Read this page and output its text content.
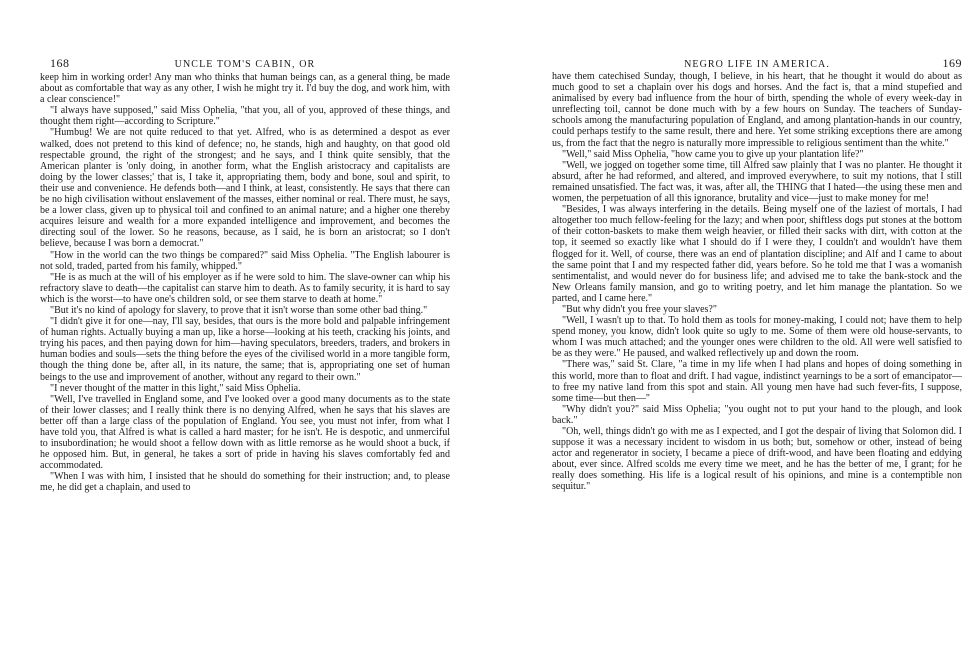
168	UNCLE TOM'S CABIN, OR

keep him in working order! Any man who thinks that human beings can, as a general thing, be made about as comfortable that way as any other, I wish he might try it. I'd buy the dog, and work him, with a clear conscience!"

"I always have supposed," said Miss Ophelia, "that you, all of you, approved of these things, and thought them right—according to Scripture."

"Humbug! We are not quite reduced to that yet. Alfred, who is as determined a despot as ever walked, does not pretend to this kind of defence; no, he stands, high and haughty, on that good old respectable ground, the right of the strongest; and he says, and I think quite sensibly, that the American planter is 'only doing, in another form, what the English aristocracy and capitalists are doing by the lower classes;' that is, I take it, appropriating them, body and bone, soul and spirit, to their use and convenience. He defends both—and I think, at least, consistently. He says that there can be no high civilisation without enslavement of the masses, either nominal or real. There must, he says, be a lower class, given up to physical toil and confined to an animal nature; and a higher one thereby acquires leisure and wealth for a more expanded intelligence and improvement, and becomes the directing soul of the lower. So he reasons, because, as I said, he is born an aristocrat; so I don't believe, because I was born a democrat."

"How in the world can the two things be compared?" said Miss Ophelia. "The English labourer is not sold, traded, parted from his family, whipped."

"He is as much at the will of his employer as if he were sold to him. The slave-owner can whip his refractory slave to death—the capitalist can starve him to death. As to family security, it is hard to say which is the worst—to have one's children sold, or see them starve to death at home."

"But it's no kind of apology for slavery, to prove that it isn't worse than some other bad thing."

"I didn't give it for one—nay, I'll say, besides, that ours is the more bold and palpable infringement of human rights. Actually buying a man up, like a horse—looking at his teeth, cracking his joints, and trying his paces, and then paying down for him—having speculators, breeders, traders, and brokers in human bodies and souls—sets the thing before the eyes of the civilised world in a more tangible form, though the thing done be, after all, in its nature, the same; that is, appropriating one set of human beings to the use and improvement of another, without any regard to their own."

"I never thought of the matter in this light," said Miss Ophelia.

"Well, I've travelled in England some, and I've looked over a good many documents as to the state of their lower classes; and I really think there is no denying Alfred, when he says that his slaves are better off than a large class of the population of England. You see, you must not infer, from what I have told you, that Alfred is what is called a hard master; for he isn't. He is despotic, and unmerciful to insubordination; he would shoot a fellow down with as little remorse as he would shoot a buck, if he opposed him. But, in general, he takes a sort of pride in having his slaves comfortably fed and accommodated.

"When I was with him, I insisted that he should do something for their instruction; and, to please me, he did get a chaplain, and used to

NEGRO LIFE IN AMERICA.	169

have them catechised Sunday, though, I believe, in his heart, that he thought it would do about as much good to set a chaplain over his dogs and horses. And the fact is, that a mind stupefied and animalised by every bad influence from the hour of birth, spending the whole of every week-day in unreflecting toil, cannot be done much with by a few hours on Sunday. The teachers of Sunday-schools among the manufacturing population of England, and among plantation-hands in our country, could perhaps testify to the same result, there and here. Yet some striking exceptions there are among us, from the fact that the negro is naturally more impressible to religious sentiment than the white."

"Well," said Miss Ophelia, "how came you to give up your plantation life?"

"Well, we jogged on together some time, till Alfred saw plainly that I was no planter. He thought it absurd, after he had reformed, and altered, and improved everywhere, to suit my notions, that I still remained unsatisfied. The fact was, it was, after all, the THING that I hated—the using these men and women, the perpetuation of all this ignorance, brutality and vice—just to make money for me!

"Besides, I was always interfering in the details. Being myself one of the laziest of mortals, I had altogether too much fellow-feeling for the lazy; and when poor, shiftless dogs put stones at the bottom of their cotton-baskets to make them weigh heavier, or filled their sacks with dirt, with cotton at the top, it seemed so exactly like what I should do if I were they, I couldn't and wouldn't have them flogged for it. Well, of course, there was an end of plantation discipline; and Alf and I came to about the same point that I and my respected father did, years before. So he told me that I was a womanish sentimentalist, and would never do for business life; and advised me to take the bank-stock and the New Orleans family mansion, and go to writing poetry, and let him manage the plantation. So we parted, and I came here."

"But why didn't you free your slaves?"

"Well, I wasn't up to that. To hold them as tools for money-making, I could not; have them to help spend money, you know, didn't look quite so ugly to me. Some of them were old house-servants, to whom I was much attached; and the younger ones were children to the old. All were well satisfied to be as they were." He paused, and walked reflectively up and down the room.

"There was," said St. Clare, "a time in my life when I had plans and hopes of doing something in this world, more than to float and drift. I had vague, indistinct yearnings to be a sort of emancipator—to free my native land from this spot and stain. All young men have had such fever-fits, I suppose, some time—but then—"

"Why didn't you?" said Miss Ophelia; "you ought not to put your hand to the plough, and look back."

"Oh, well, things didn't go with me as I expected, and I got the despair of living that Solomon did. I suppose it was a necessary incident to wisdom in us both; but, somehow or other, instead of being actor and regenerator in society, I became a piece of drift-wood, and have been floating and eddying about, ever since. Alfred scolds me every time we meet, and he has the better of me, I grant; for he really does something. His life is a logical result of his opinions, and mine is a contemptible non sequitur."
